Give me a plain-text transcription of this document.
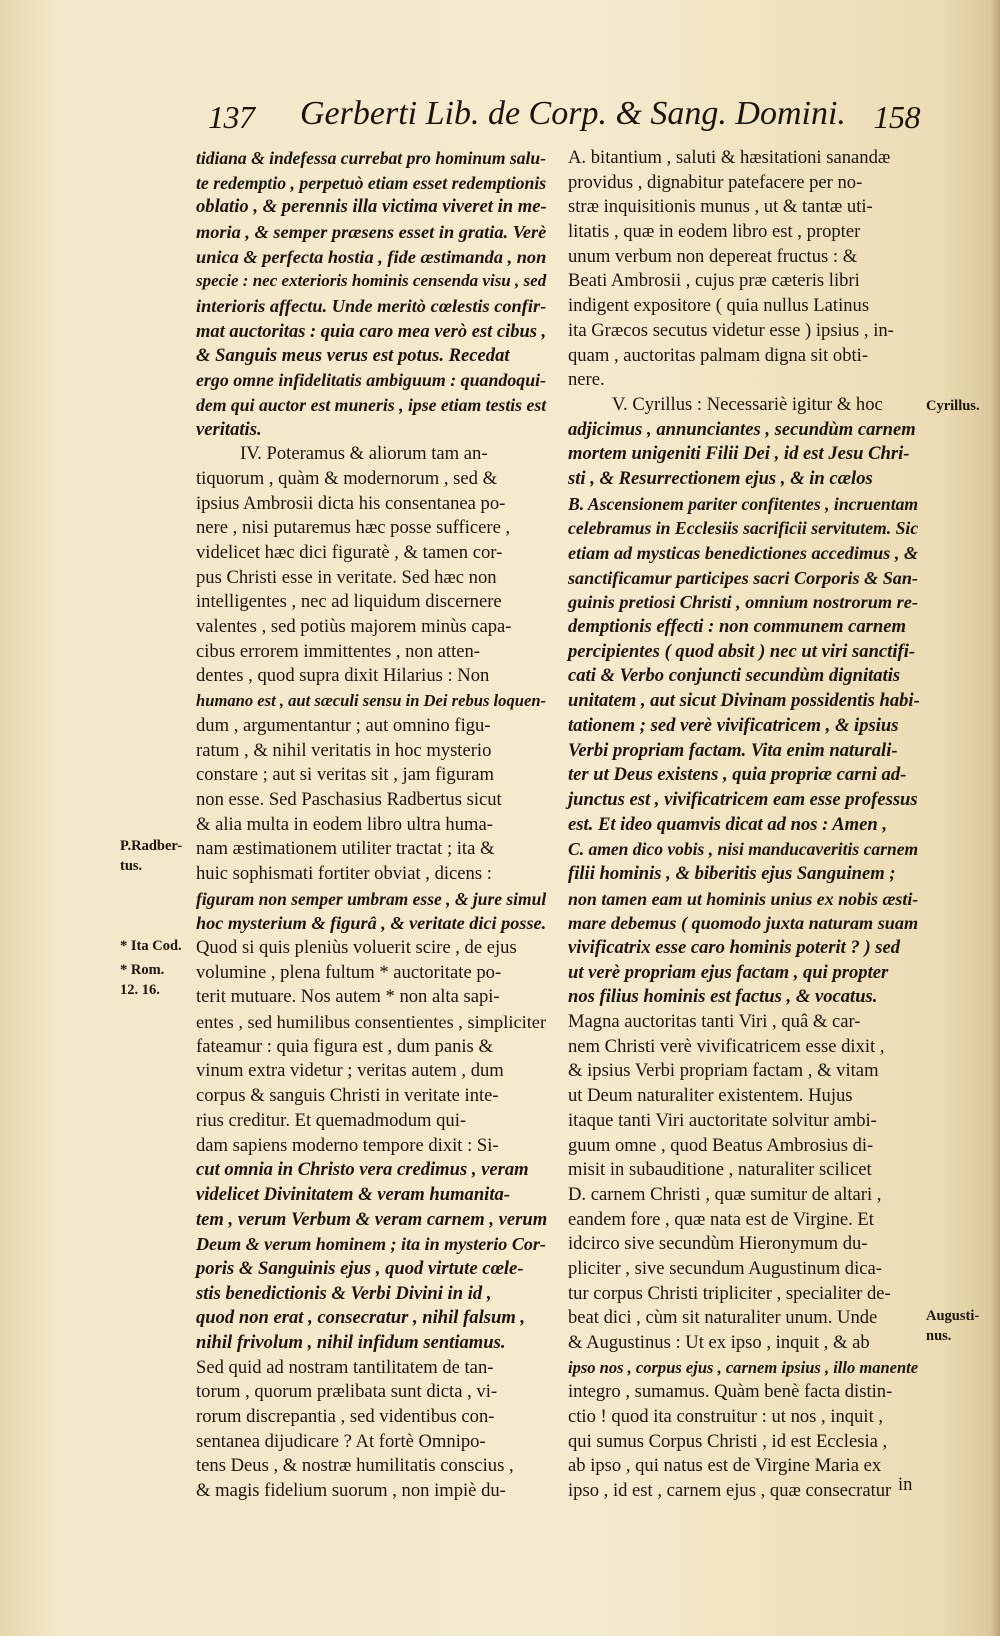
137 Gerberti Lib. de Corp. & Sang. Domini. 158
tidiana & indefessa currebat pro hominum salu-
te redemptio , perpetuò etiam esset redemptionis
oblatio , & perennis illa victima viveret in me-
moria , & semper præsens esset in gratia. Verè
unica & perfecta hostia , fide æstimanda , non
specie : nec exterioris hominis censenda visu , sed
interioris affectu. Unde meritò cœlestis confir-
mat auctoritas : quia caro mea verò est cibus ,
& Sanguis meus verus est potus. Recedat
ergo omne infidelitatis ambiguum : quandoqui-
dem qui auctor est muneris , ipse etiam testis est
veritatis.
IV. Poteramus & aliorum tam an-
tiquorum , quàm & modernorum , sed &
ipsius Ambrosii dicta his consentanea po-
nere , nisi putaremus hæc posse sufficere ,
videlicet hæc dici figuratè , & tamen cor-
pus Christi esse in veritate. Sed hæc non
intelligentes , nec ad liquidum discernere
valentes , sed potiùs majorem minùs capa-
cibus errorem immittentes , non atten-
dentes , quod supra dixit Hilarius : Non
humano est , aut sæculi sensu in Dei rebus loquen-
dum , argumentantur ; aut omnino figu-
ratum , & nihil veritatis in hoc mysterio
constare ; aut si veritas sit , jam figuram
non esse. Sed Paschasius Radbertus sicut
& alia multa in eodem libro ultra huma-
nam æstimationem utiliter tractat ; ita &
huic sophismati fortiter obviat , dicens :
figuram non semper umbram esse , & jure simul
hoc mysterium & figurâ , & veritate dici posse.
Quod si quis pleniùs voluerit scire , de ejus
volumine , plena fultum * auctoritate po-
terit mutuare. Nos autem * non alta sapi-
entes , sed humilibus consentientes , simpliciter
fateamur : quia figura est , dum panis &
vinum extra videtur ; veritas autem , dum
corpus & sanguis Christi in veritate inte-
rius creditur. Et quemadmodum qui-
dam sapiens moderno tempore dixit : Si-
cut omnia in Christo vera credimus , veram
videlicet Divinitatem & veram humanita-
tem , verum Verbum & veram carnem , verum
Deum & verum hominem ; ita in mysterio Cor-
poris & Sanguinis ejus , quod virtute cœle-
stis benedictionis & Verbi Divini in id ,
quod non erat , consecratur , nihil falsum ,
nihil frivolum , nihil infidum sentiamus.
Sed quid ad nostram tantilitatem de tan-
torum , quorum prælibata sunt dicta , vi-
rorum discrepantia , sed videntibus con-
sentanea dijudicare ? At fortè Omnipo-
tens Deus , & nostræ humilitatis conscius ,
& magis fidelium suorum , non impiè du-
A. bitantium , saluti & hæsitationi sanandæ
providus , dignabitur patefacere per no-
stræ inquisitionis munus , ut & tantæ uti-
litatis , quæ in eodem libro est , propter
unum verbum non depereat fructus : &
Beati Ambrosii , cujus præ cæteris libri
indigent expositore ( quia nullus Latinus
ita Græcos secutus videtur esse ) ipsius , in-
quam , auctoritas palmam digna sit obti-
nere.
V. Cyrillus : Necessariè igitur & hoc
adjicimus , annunciantes , secundùm carnem
mortem unigeniti Filii Dei , id est Jesu Chri-
sti , & Resurrectionem ejus , & in cælos
B. Ascensionem pariter confitentes , incruentam
celebramus in Ecclesiis sacrificii servitutem. Sic
etiam ad mysticas benedictiones accedimus , &
sanctificamur participes sacri Corporis & San-
guinis pretiosi Christi , omnium nostrorum re-
demptionis effecti : non communem carnem
percipientes ( quod absit ) nec ut viri sanctifi-
cati & Verbo conjuncti secundùm dignitatis
unitatem , aut sicut Divinam possidentis habi-
tationem ; sed verè vivificatricem , & ipsius
Verbi propriam factam. Vita enim naturali-
ter ut Deus existens , quia propriæ carni ad-
junctus est , vivificatricem eam esse professus
est. Et ideo quamvis dicat ad nos : Amen ,
C. amen dico vobis , nisi manducaveritis carnem
filii hominis , & biberitis ejus Sanguinem ;
non tamen eam ut hominis unius ex nobis æsti-
mare debemus ( quomodo juxta naturam suam
vivificatrix esse caro hominis poterit ? ) sed
ut verè propriam ejus factam , qui propter
nos filius hominis est factus , & vocatus.
Magna auctoritas tanti Viri , quâ & car-
nem Christi verè vivificatricem esse dixit ,
& ipsius Verbi propriam factam , & vitam
ut Deum naturaliter existentem. Hujus
itaque tanti Viri auctoritate solvitur ambi-
guum omne , quod Beatus Ambrosius di-
misit in subauditione , naturaliter scilicet
D. carnem Christi , quæ sumitur de altari ,
eandem fore , quæ nata est de Virgine. Et
idcirco sive secundùm Hieronymum du-
pliciter , sive secundum Augustinum dica-
tur corpus Christi tripliciter , specialiter de-
beat dici , cùm sit naturaliter unum. Unde
& Augustinus : Ut ex ipso , inquit , & ab
ipso nos , corpus ejus , carnem ipsius , illo manente
integro , sumamus. Quàm benè facta distin-
ctio ! quod ita construitur : ut nos , inquit ,
qui sumus Corpus Christi , id est Ecclesia ,
ab ipso , qui natus est de Virgine Maria ex
ipso , id est , carnem ejus , quæ consecratur
P.Radber-
tus.
* Ita Cod.
* Rom.
12. 16.
Cyrillus.
Augusti-
nus.
in
